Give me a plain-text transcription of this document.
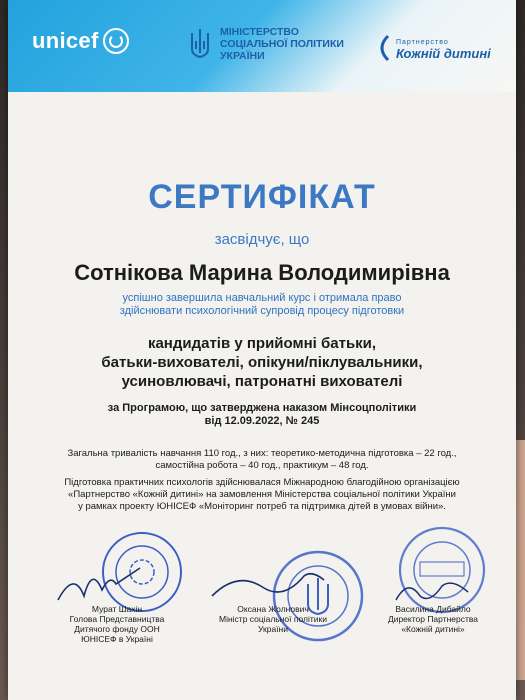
unicef	МІНІСТЕРСТВО
СОЦІАЛЬНОЇ ПОЛІТИКИ
УКРАЇНИ
Партнерство
Кожній дитині
СЕРТИФІКАТ
засвідчує, що
Сотнікова Марина Володимирівна
успішно завершила навчальний курс і отримала право
здійснювати психологічний супровід процесу підготовки
кандидатів у прийомні батьки,
батьки-вихователі, опікуни/піклувальники,
усиновлювачі, патронатні вихователі
за Програмою, що затверджена наказом Мінсоцполітики
від 12.09.2022, № 245
Загальна тривалість навчання 110 год., з них: теоретико-методична підготовка – 22 год.,
самостійна робота – 40 год., практикум – 48 год.
Підготовка практичних психологів здійснювалася Міжнародною благодійною організацією
«Партнерство «Кожній дитині» на замовлення Міністерства соціальної політики України
у рамках проекту ЮНІСЕФ «Моніторинг потреб та підтримка дітей в умовах війни».
Мурат Шахін
Голова Представництва
Дитячого фонду ООН
ЮНІСЕФ в Україні
Оксана Жолнович
Міністр соціальної політики
України
Василина Дибайло
Директор Партнерства
«Кожній дитині»
